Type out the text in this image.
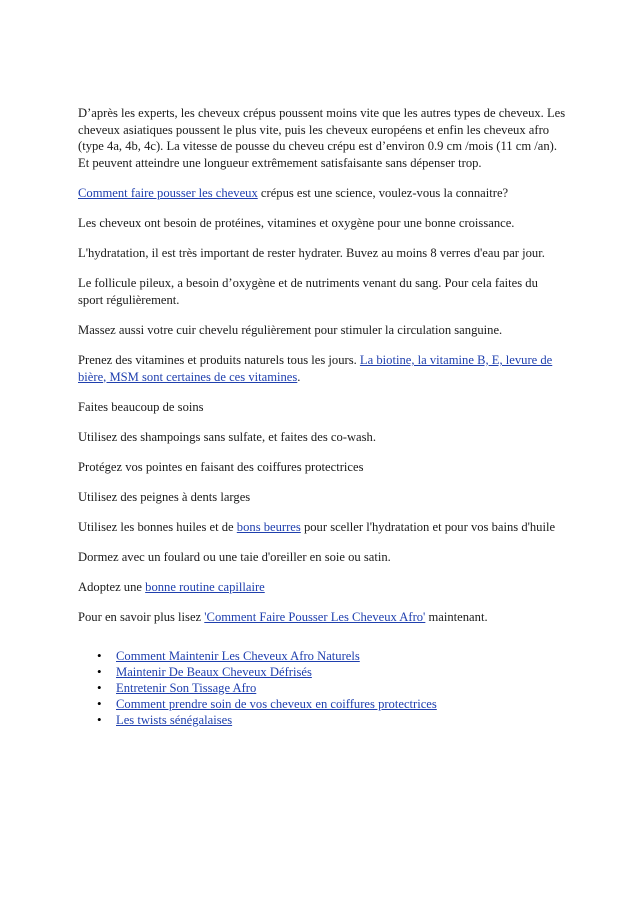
D’après les experts, les cheveux crépus poussent moins vite que les autres types de cheveux. Les cheveux asiatiques poussent le plus vite, puis les cheveux européens et enfin les cheveux afro (type 4a, 4b, 4c). La vitesse de pousse du cheveu crépu est d’environ 0.9 cm /mois (11 cm /an). Et peuvent atteindre une longueur extrêmement satisfaisante sans dépenser trop.

Comment faire pousser les cheveux crépus est une science, voulez-vous la connaitre?

Les cheveux ont besoin de protéines, vitamines et oxygène pour une bonne croissance.

L'hydratation, il est très important de rester hydrater. Buvez au moins 8 verres d'eau par jour.

Le follicule pileux, a besoin d’oxygène et de nutriments venant du sang. Pour cela faites du sport régulièrement.

Massez aussi votre cuir chevelu régulièrement pour stimuler la circulation sanguine.

Prenez des vitamines et produits naturels tous les jours. La biotine, la vitamine B, E, levure de bière, MSM sont certaines de ces vitamines.

Faites beaucoup de soins

Utilisez des shampoings sans sulfate, et faites des co-wash.

Protégez vos pointes en faisant des coiffures protectrices

Utilisez des peignes à dents larges

Utilisez les bonnes huiles et de bons beurres pour sceller l'hydratation et pour vos bains d'huile

Dormez avec un foulard ou une taie d'oreiller en soie ou satin.

Adoptez une bonne routine capillaire

Pour en savoir plus lisez 'Comment Faire Pousser Les Cheveux Afro' maintenant.

• Comment Maintenir Les Cheveux Afro Naturels
• Maintenir De Beaux Cheveux Défrisés
• Entretenir Son Tissage Afro
• Comment prendre soin de vos cheveux en coiffures protectrices
• Les twists sénégalaises
